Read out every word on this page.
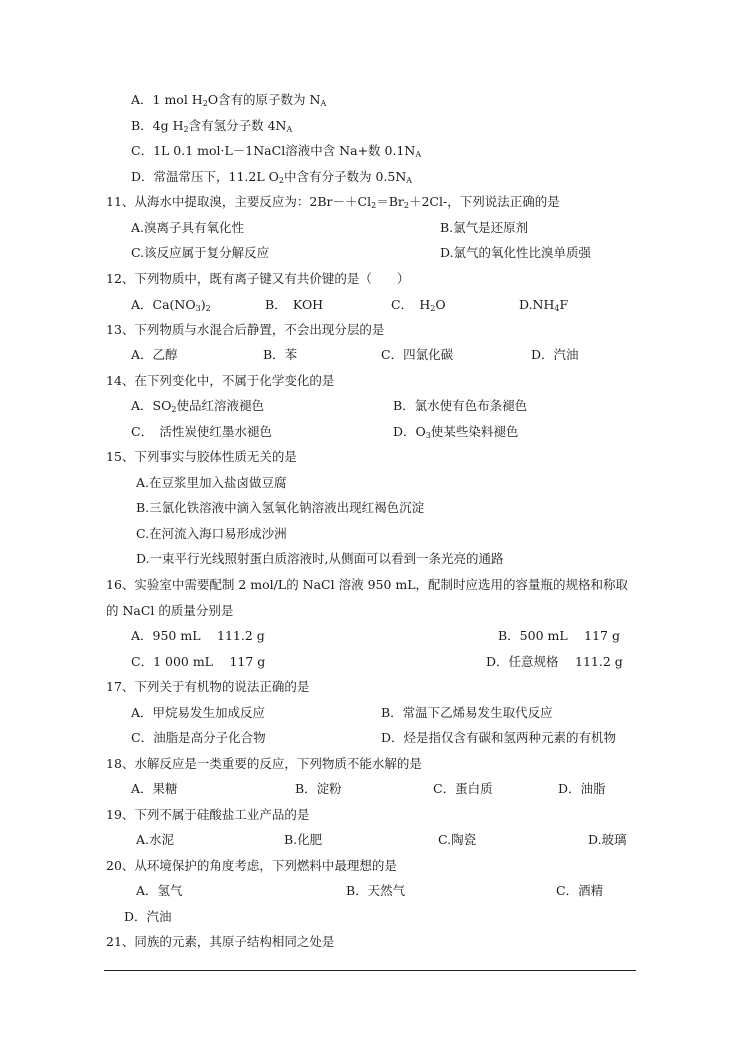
A．1 mol $H_2O$含有的原子数为 $N_A$
B．4g $H_2$含有氢分子数 $4N_A$
C．1L 0.1 mol·L－1NaCl溶液中含 Na+数 $0.1N_A$
D．常温常压下，11.2L $O_2$中含有分子数为 $0.5N_A$
11、从海水中提取溴，主要反应为：$2Br-+Cl_2=Br_2+2Cl-$，下列说法正确的是
A.溴离子具有氧化性	B.氯气是还原剂
C.该反应属于复分解反应	D.氯气的氧化性比溴单质强
12、下列物质中，既有离子键又有共价键的是（　　）
A．$Ca(NO_3)_2$	B．　KOH	C．　$H_2O$	$D.NH_4F$
13、下列物质与水混合后静置，不会出现分层的是
A．乙醇	B．苯	C．四氯化碳	D．汽油
14、在下列变化中，不属于化学变化的是
A．$SO_2$使品红溶液褪色	B．氯水使有色布条褪色
C．　活性炭使红墨水褪色	D．$O_3$使某些染料褪色
15、下列事实与胶体性质无关的是
A.在豆浆里加入盐卤做豆腐
B.三氯化铁溶液中滴入氢氧化钠溶液出现红褐色沉淀
C.在河流入海口易形成沙洲
D.一束平行光线照射蛋白质溶液时,从侧面可以看到一条光亮的通路
16、实验室中需要配制 2 mol/L的 NaCl 溶液 950 mL，配制时应选用的容量瓶的规格和称取
的 NaCl 的质量分别是
A．950 mL　 111.2 g	B．500 mL　 117 g
C．1 000 mL　 117 g	D．任意规格　 111.2 g
17、下列关于有机物的说法正确的是
A．甲烷易发生加成反应	B．常温下乙烯易发生取代反应
C．油脂是高分子化合物	D．烃是指仅含有碳和氢两种元素的有机物
18、水解反应是一类重要的反应，下列物质不能水解的是
A．果糖	B．淀粉	C．蛋白质	D．油脂
19、下列不属于硅酸盐工业产品的是
A.水泥	B.化肥	C.陶瓷	D.玻璃
20、从环境保护的角度考虑，下列燃料中最理想的是
A．氢气	B．天然气	C．酒精
D．汽油
21、同族的元素，其原子结构相同之处是
